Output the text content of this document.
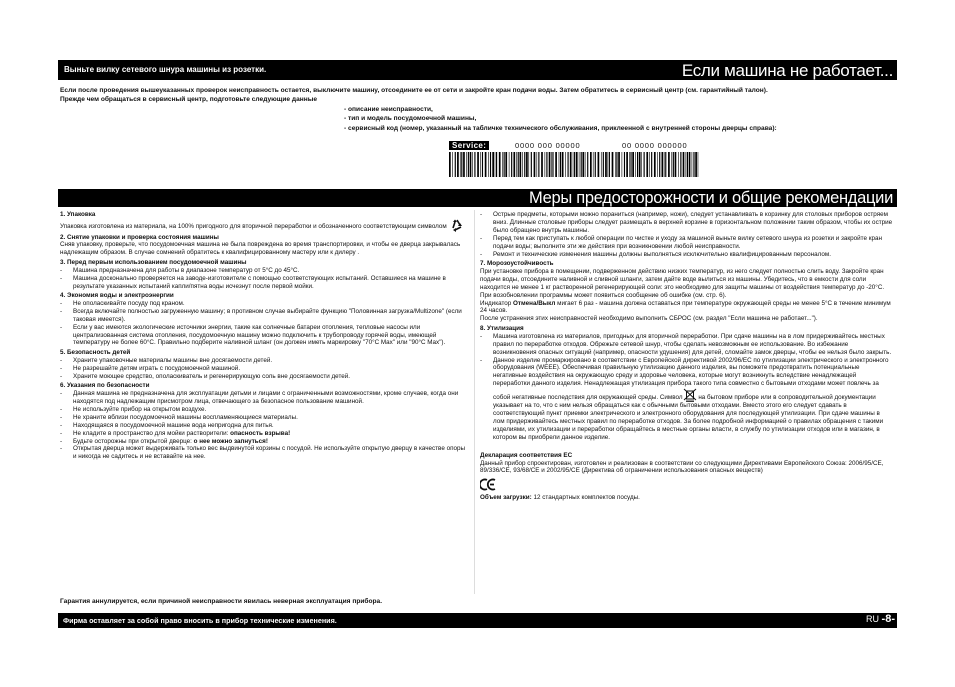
Выньте вилку сетевого шнура машины из розетки.	Если машина не работает...
Если после проведения вышеуказанных проверок неисправность остается, выключите машину, отсоедините ее от сети и закройте кран подачи воды. Затем обратитесь в сервисный центр (см. гарантийный талон).
Прежде чем обращаться в сервисный центр, подготовьте следующие данные
- описание неисправности,
- тип и модель посудомоечной машины,
- сервисный код (номер, указанный на табличке технического обслуживания, приклеенной с внутренней стороны дверцы справа):
Service:	0000 000 00000	00 0000 000000
Меры предосторожности и общие рекомендации
1. Упаковка
Упаковка изготовлена из материала, на 100% пригодного для вторичной переработки и обозначенного соответствующим символом
2. Снятие упаковки и проверка состояния машины
Сняв упаковку, проверьте, что посудомоечная машина не была повреждена во время транспортировки, и чтобы ее дверца закрывалась надлежащим образом. В случае сомнений обратитесь к квалифицированному мастеру или к дилеру .
3. Перед первым использованием посудомоечной машины
- Машина предназначена для работы в диапазоне температур от 5°C до 45°C.
- Машина досконально проверяется на заводе-изготовителе с помощью соответствующих испытаний. Оставшиеся на машине в результате указанных испытаний капли/пятна воды исчезнут после первой мойки.
4. Экономия воды и электроэнергии
- Не ополаскивайте посуду под краном.
- Всегда включайте полностью загруженную машину; в противном случае выбирайте функцию "Половинная загрузка/Multizone" (если таковая имеется).
- Если у вас имеются экологические источники энергии, такие как солнечные батареи отопления, тепловые насосы или централизованная система отопления, посудомоечную машину можно подключить к трубопроводу горячей воды, имеющей температуру не более 60°C. Правильно подберите наливной шланг (он должен иметь маркировку "70°C Max" или "90°C Max").
5. Безопасность детей
- Храните упаковочные материалы машины вне досягаемости детей.
- Не разрешайте детям играть с посудомоечной машиной.
- Храните моющее средство, ополаскиватель и регенерирующую соль вне досягаемости детей.
6. Указания по безопасности
- Данная машина не предназначена для эксплуатации детьми и лицами с ограниченными возможностями, кроме случаев, когда они находятся под надлежащим присмотром лица, отвечающего за безопасное пользование машиной.
- Не используйте прибор на открытом воздухе.
- Не храните вблизи посудомоечной машины воспламеняющиеся материалы.
- Находящаяся в посудомоечной машине вода непригодна для питья.
- Не кладите в пространство для мойки растворители: опасность взрыва!
- Будьте осторожны при открытой дверце: о нее можно запнуться!
- Открытая дверца может выдерживать только вес выдвинутой корзины с посудой. Не используйте открытую дверцу в качестве опоры и никогда не садитесь и не вставайте на нее.
- Острые предметы, которыми можно пораниться (например, ножи), следует устанавливать в корзинку для столовых приборов остряем вниз. Длинные столовые приборы следует размещать в верхней корзине в горизонтальном положении таким образом, чтобы их острие было обращено внутрь машины.
- Перед тем как приступать к любой операции по чистке и уходу за машиной выньте вилку сетевого шнура из розетки и закройте кран подачи воды; выполните эти же действия при возникновении любой неисправности.
- Ремонт и технические изменения машины должны выполняться исключительно квалифицированным персоналом.
7. Морозоустойчивость
При установке прибора в помещении, подверженном действию низких температур, из него следует полностью слить воду. Закройте кран подачи воды, отсоедините наливной и сливной шланги, затем дайте воде вылиться из машины. Убедитесь, что в емкости для соли находится не менее 1 кг растворенной регенерирующей соли: это необходимо для защиты машины от воздействия температур до -20°C. При возобновлении программы может появиться сообщение об ошибке (см. стр. 6).
Индикатор Отмена/Выкл мигает 6 раз - машина должна оставаться при температуре окружающей среды не менее 5°C в течение минимум 24 часов.
После устранения этих неисправностей необходимо выполнить СБРОС (см. раздел "Если машина не работает...").
8. Утилизация
- Машина изготовлена из материалов, пригодных для вторичной переработки. При сдаче машины на в лом придерживайтесь местных правил по переработке отходов. Обрежьте сетевой шнур, чтобы сделать невозможным ее использование. Во избежание возникновения опасных ситуаций (например, опасности удушения) для детей, сломайте замок дверцы, чтобы ее нельзя было закрыть.
- Данное изделие промаркировано в соответствии с Европейской директивой 2002/96/EC по утилизации электрического и электронного оборудования (WEEE). Обеспечивая правильную утилизацию данного изделия, вы поможете предотвратить потенциальные негативные воздействия на окружающую среду и здоровье человека, которые могут возникнуть вследствие ненадлежащей переработки данного изделия. Ненадлежащая утилизация прибора такого типа совместно с бытовыми отходами может повлечь за собой негативные последствия для окружающей среды. Символ на бытовом приборе или в сопроводительной документации указывает на то, что с ним нельзя обращаться как с обычными бытовыми отходами. Вместо этого его следует сдавать в соответствующий пункт приемки электрического и электронного оборудования для последующей утилизации. При сдаче машины в лом придерживайтесь местных правил по переработке отходов. За более подробной информацией о правилах обращения с такими изделиями, их утилизации и переработки обращайтесь в местные органы власти, в службу по утилизации отходов или в магазин, в котором вы приобрели данное изделие.
Декларация соответствия ЕС
Данный прибор спроектирован, изготовлен и реализован в соответствии со следующими Директивами Европейского Союза: 2006/95/CE, 89/336/CE, 93/68/CE и 2002/95/CE (Директива об ограничении использования опасных веществ)
Объем загрузки: 12 стандартных комплектов посуды.
Гарантия аннулируется, если причиной неисправности явилась неверная эксплуатация прибора.
Фирма оставляет за собой право вносить в прибор технические изменения.	RU -8-
